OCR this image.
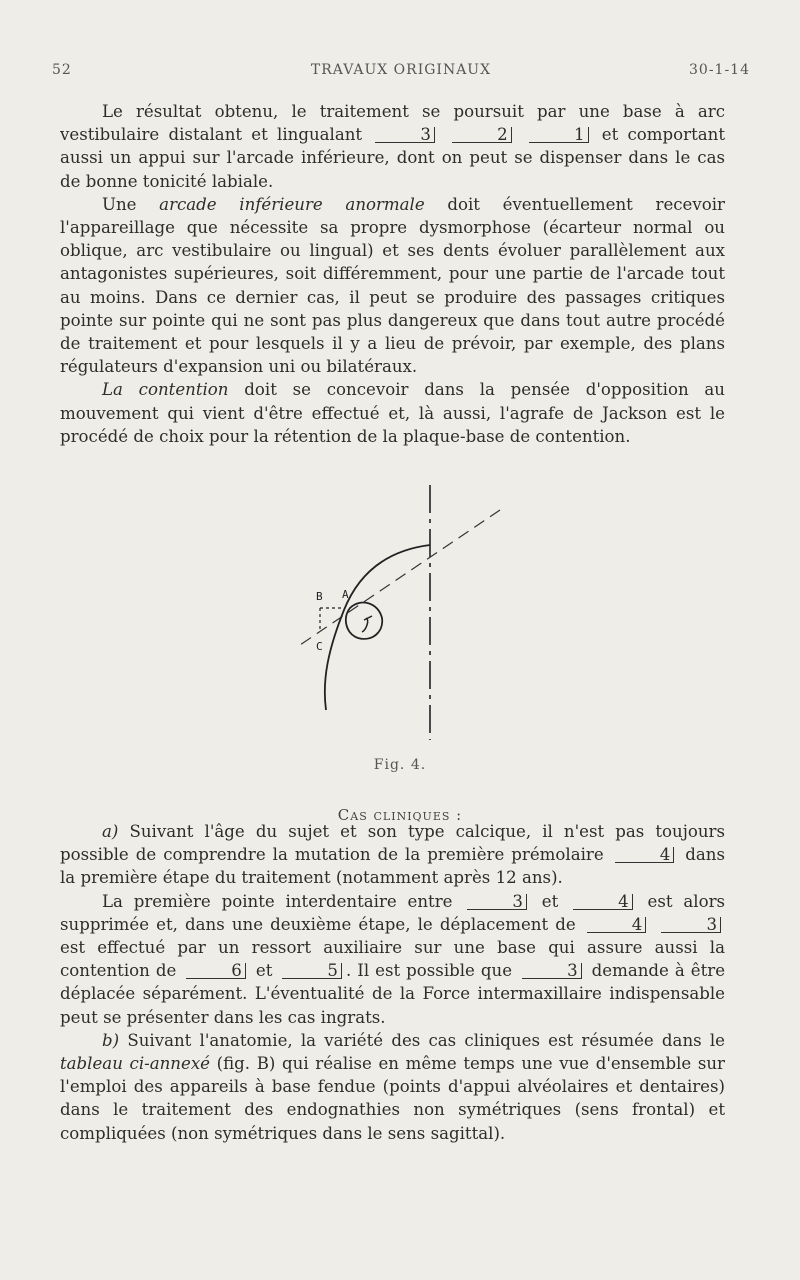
52	TRAVAUX ORIGINAUX	30-1-14

Le résultat obtenu, le traitement se poursuit par une base à arc vestibulaire distalant et lingualant	3	2	1 et comportant aussi un appui sur l'arcade inférieure, dont on peut se dispenser dans le cas de bonne tonicité labiale.

Une arcade inférieure anormale doit éventuellement recevoir l'appareillage que nécessite sa propre dysmorphose (écarteur normal ou oblique, arc vestibulaire ou lingual) et ses dents évoluer parallèlement aux antagonistes supérieures, soit différemment, pour une partie de l'arcade tout au moins. Dans ce dernier cas, il peut se produire des passages critiques pointe sur pointe qui ne sont pas plus dangereux que dans tout autre procédé de traitement et pour lesquels il y a lieu de prévoir, par exemple, des plans régulateurs d'expansion uni ou bilatéraux.

La contention doit se concevoir dans la pensée d'opposition au mouvement qui vient d'être effectué et, là aussi, l'agrafe de Jackson est le procédé de choix pour la rétention de la plaque-base de contention.

B A
C
Fig. 4.
Cas cliniques :

a) Suivant l'âge du sujet et son type calcique, il n'est pas toujours possible de comprendre la mutation de la première prémolaire	4 dans la première étape du traitement (notamment après 12 ans).

La première pointe interdentaire entre	3 et	4 est alors supprimée et, dans une deuxième étape, le déplacement de	4	3 est effectué par un ressort auxiliaire sur une base qui assure aussi la contention de	6 et	5 . Il est possible que	3 demande à être déplacée séparément. L'éventualité de la Force intermaxillaire indispensable peut se présenter dans les cas ingrats.

b) Suivant l'anatomie, la variété des cas cliniques est résumée dans le tableau ci-annexé (fig. B) qui réalise en même temps une vue d'ensemble sur l'emploi des appareils à base fendue (points d'appui alvéolaires et dentaires) dans le traitement des endognathies non symétriques (sens frontal) et compliquées (non symétriques dans le sens sagittal).
